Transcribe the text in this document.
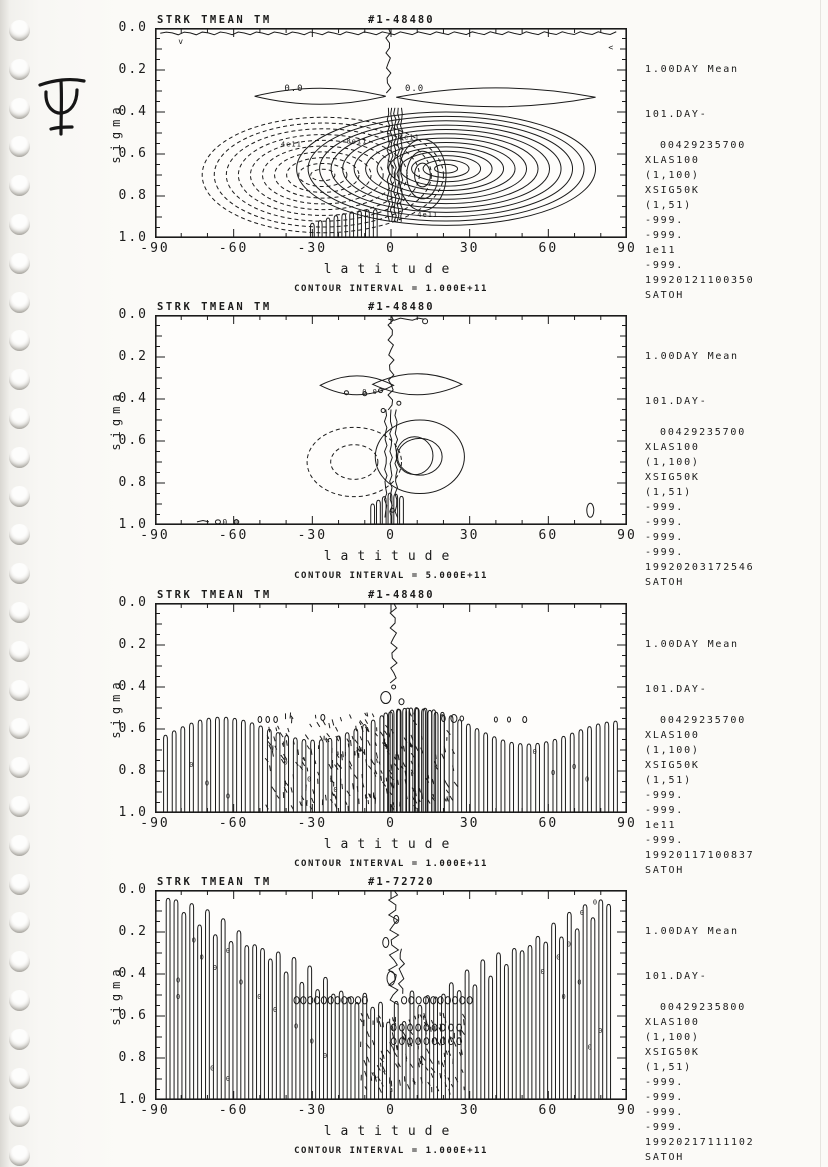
STRK TMEAN TM	#1-48480
0.0	0.0
4e11	8e11
8e11
4e11
v
<
sigma
0.0
0.2
0.4
0.6
0.8
1.0
-90	-60	-30	0	30	60	90
latitude
CONTOUR INTERVAL = 1.000E+11

1.00DAY Mean

101.DAY-

00429235700
XLAS100
(1,100)
XSIG50K
(1,51)
-999.
-999.
1e11
-999.
19920121100350
SATOH
STRK TMEAN TM	#1-48480
0.0
0.0
sigma
0.0
0.2
0.4
0.6
0.8
1.0
-90	-60	-30	0	30	60	90
latitude
CONTOUR INTERVAL = 5.000E+11

1.00DAY Mean

101.DAY-

00429235700
XLAS100
(1,100)
XSIG50K
(1,51)
-999.
-999.
-999.
-999.
19920203172546
SATOH
STRK TMEAN TM	#1-48480
0
0
0
0
0
0
0
0
0
0
sigma
0.0
0.2
0.4
0.6
0.8
1.0
-90	-60	-30	0	30	60	90
latitude
CONTOUR INTERVAL = 1.000E+11

1.00DAY Mean

101.DAY-

00429235700
XLAS100
(1,100)
XSIG50K
(1,51)
-999.
-999.
1e11
-999.
19920117100837
SATOH
STRK TMEAN TM	#1-72720
0
0
0
0
0
0
0
0
0
0
0
0
0
0
0
0
0
0
0
0
0
0
0
sigma
0.0
0.2
0.4
0.6
0.8
1.0
-90	-60	-30	0	30	60	90
latitude
CONTOUR INTERVAL = 1.000E+11

1.00DAY Mean

101.DAY-

00429235800
XLAS100
(1,100)
XSIG50K
(1,51)
-999.
-999.
-999.
-999.
19920217111102
SATOH
